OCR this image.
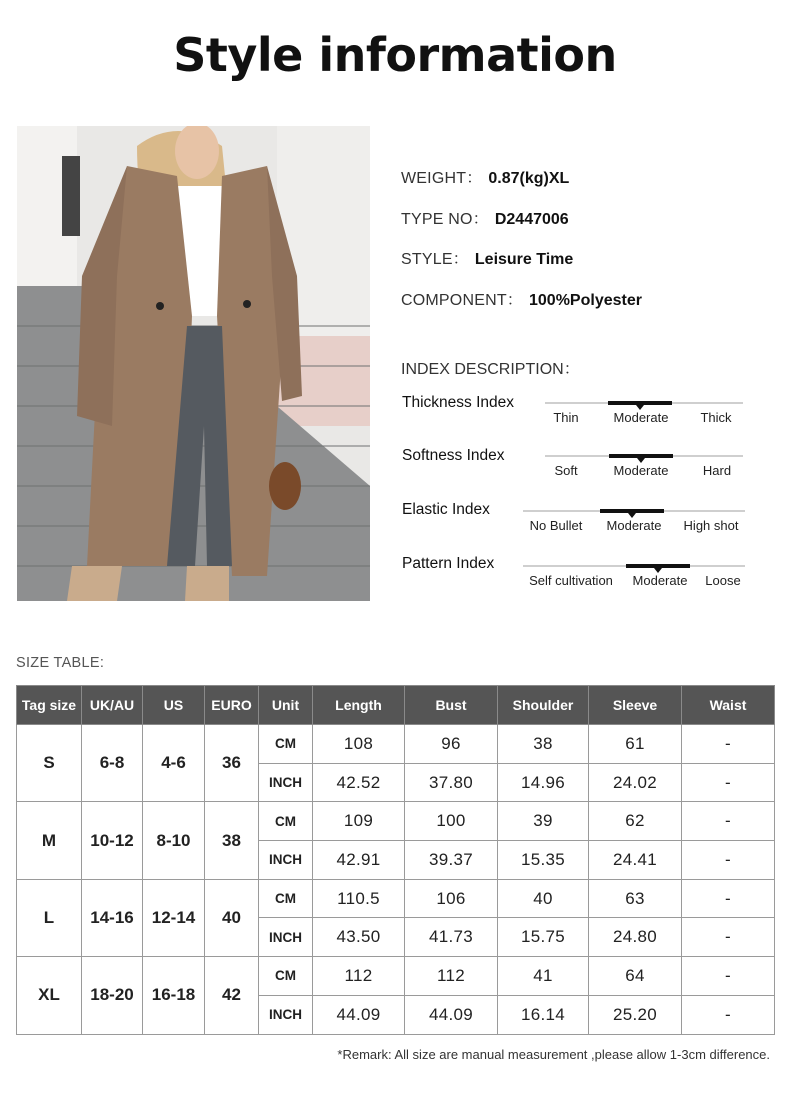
Style information
WEIGHT： 0.87(kg)XL
TYPE NO： D2447006
STYLE： Leisure Time
COMPONENT： 100%Polyester
INDEX DESCRIPTION：
Thickness Index
Thin	Moderate Thick
Softness Index
Soft	Moderate	Hard
Elastic Index
No Bullet Moderate High shot
Pattern Index
Self cultivation Moderate Loose
SIZE TABLE:
Tag size	UK/AU	US	EURO	Unit	Length	Bust	Shoulder	Sleeve	Waist
S	6-8	4-6	36	CM	108	96	38	61	-
				INCH	42.52	37.80	14.96	24.02	-
M	10-12	8-10	38	CM	109	100	39	62	-
				INCH	42.91	39.37	15.35	24.41	-
L	14-16	12-14	40	CM	110.5	106	40	63	-
				INCH	43.50	41.73	15.75	24.80	-
XL	18-20	16-18	42	CM	112	112	41	64	-
				INCH	44.09	44.09	16.14	25.20	-
*Remark: All size are manual measurement ,please allow 1-3cm difference.
